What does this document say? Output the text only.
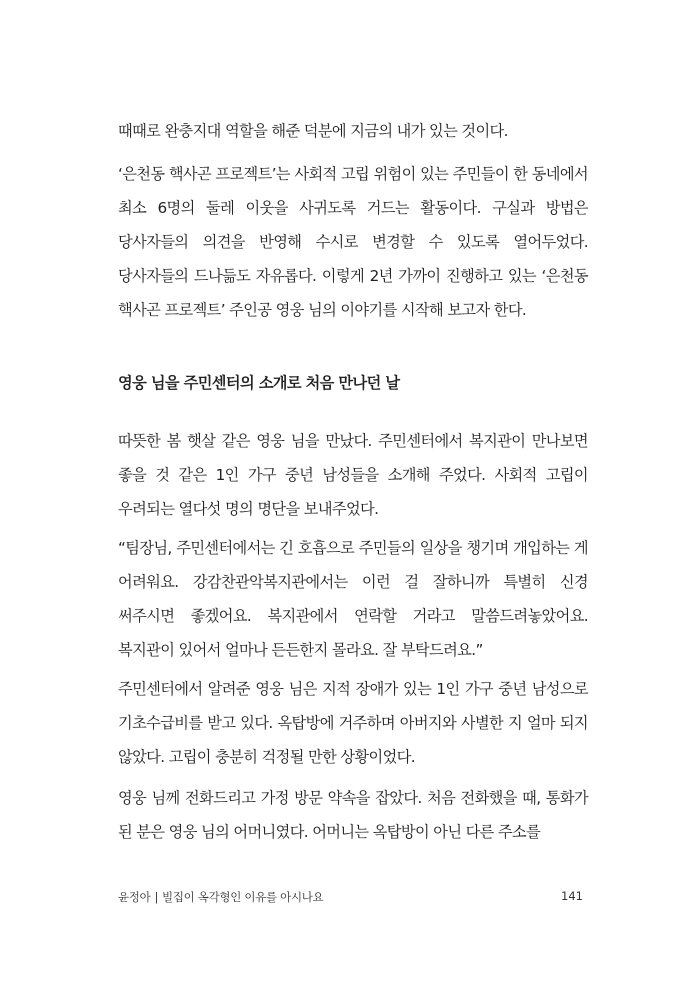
때때로 완충지대 역할을 해준 덕분에 지금의 내가 있는 것이다.

‘은천동 핵사곤 프로젝트’는 사회적 고립 위험이 있는 주민들이 한 동네에서 최소 6명의 둘레 이웃을 사귀도록 거드는 활동이다. 구실과 방법은 당사자들의 의견을 반영해 수시로 변경할 수 있도록 열어두었다. 당사자들의 드나듦도 자유롭다. 이렇게 2년 가까이 진행하고 있는 ‘은천동 핵사곤 프로젝트’ 주인공 영웅 님의 이야기를 시작해 보고자 한다.

영웅 님을 주민센터의 소개로 처음 만나던 날

따뜻한 봄 햇살 같은 영웅 님을 만났다. 주민센터에서 복지관이 만나보면 좋을 것 같은 1인 가구 중년 남성들을 소개해 주었다. 사회적 고립이 우려되는 열다섯 명의 명단을 보내주었다.

“팀장님, 주민센터에서는 긴 호흡으로 주민들의 일상을 챙기며 개입하는 게 어려워요. 강감찬관악복지관에서는 이런 걸 잘하니까 특별히 신경 써주시면 좋겠어요. 복지관에서 연락할 거라고 말씀드려놓았어요. 복지관이 있어서 얼마나 든든한지 몰라요. 잘 부탁드려요.”

주민센터에서 알려준 영웅 님은 지적 장애가 있는 1인 가구 중년 남성으로 기초수급비를 받고 있다. 옥탑방에 거주하며 아버지와 사별한 지 얼마 되지 않았다. 고립이 충분히 걱정될 만한 상황이었다.

영웅 님께 전화드리고 가정 방문 약속을 잡았다. 처음 전화했을 때, 통화가 된 분은 영웅 님의 어머니였다. 어머니는 옥탑방이 아닌 다른 주소를

윤정아 | 빌집이 옥각형인 이유를 아시나요	141
